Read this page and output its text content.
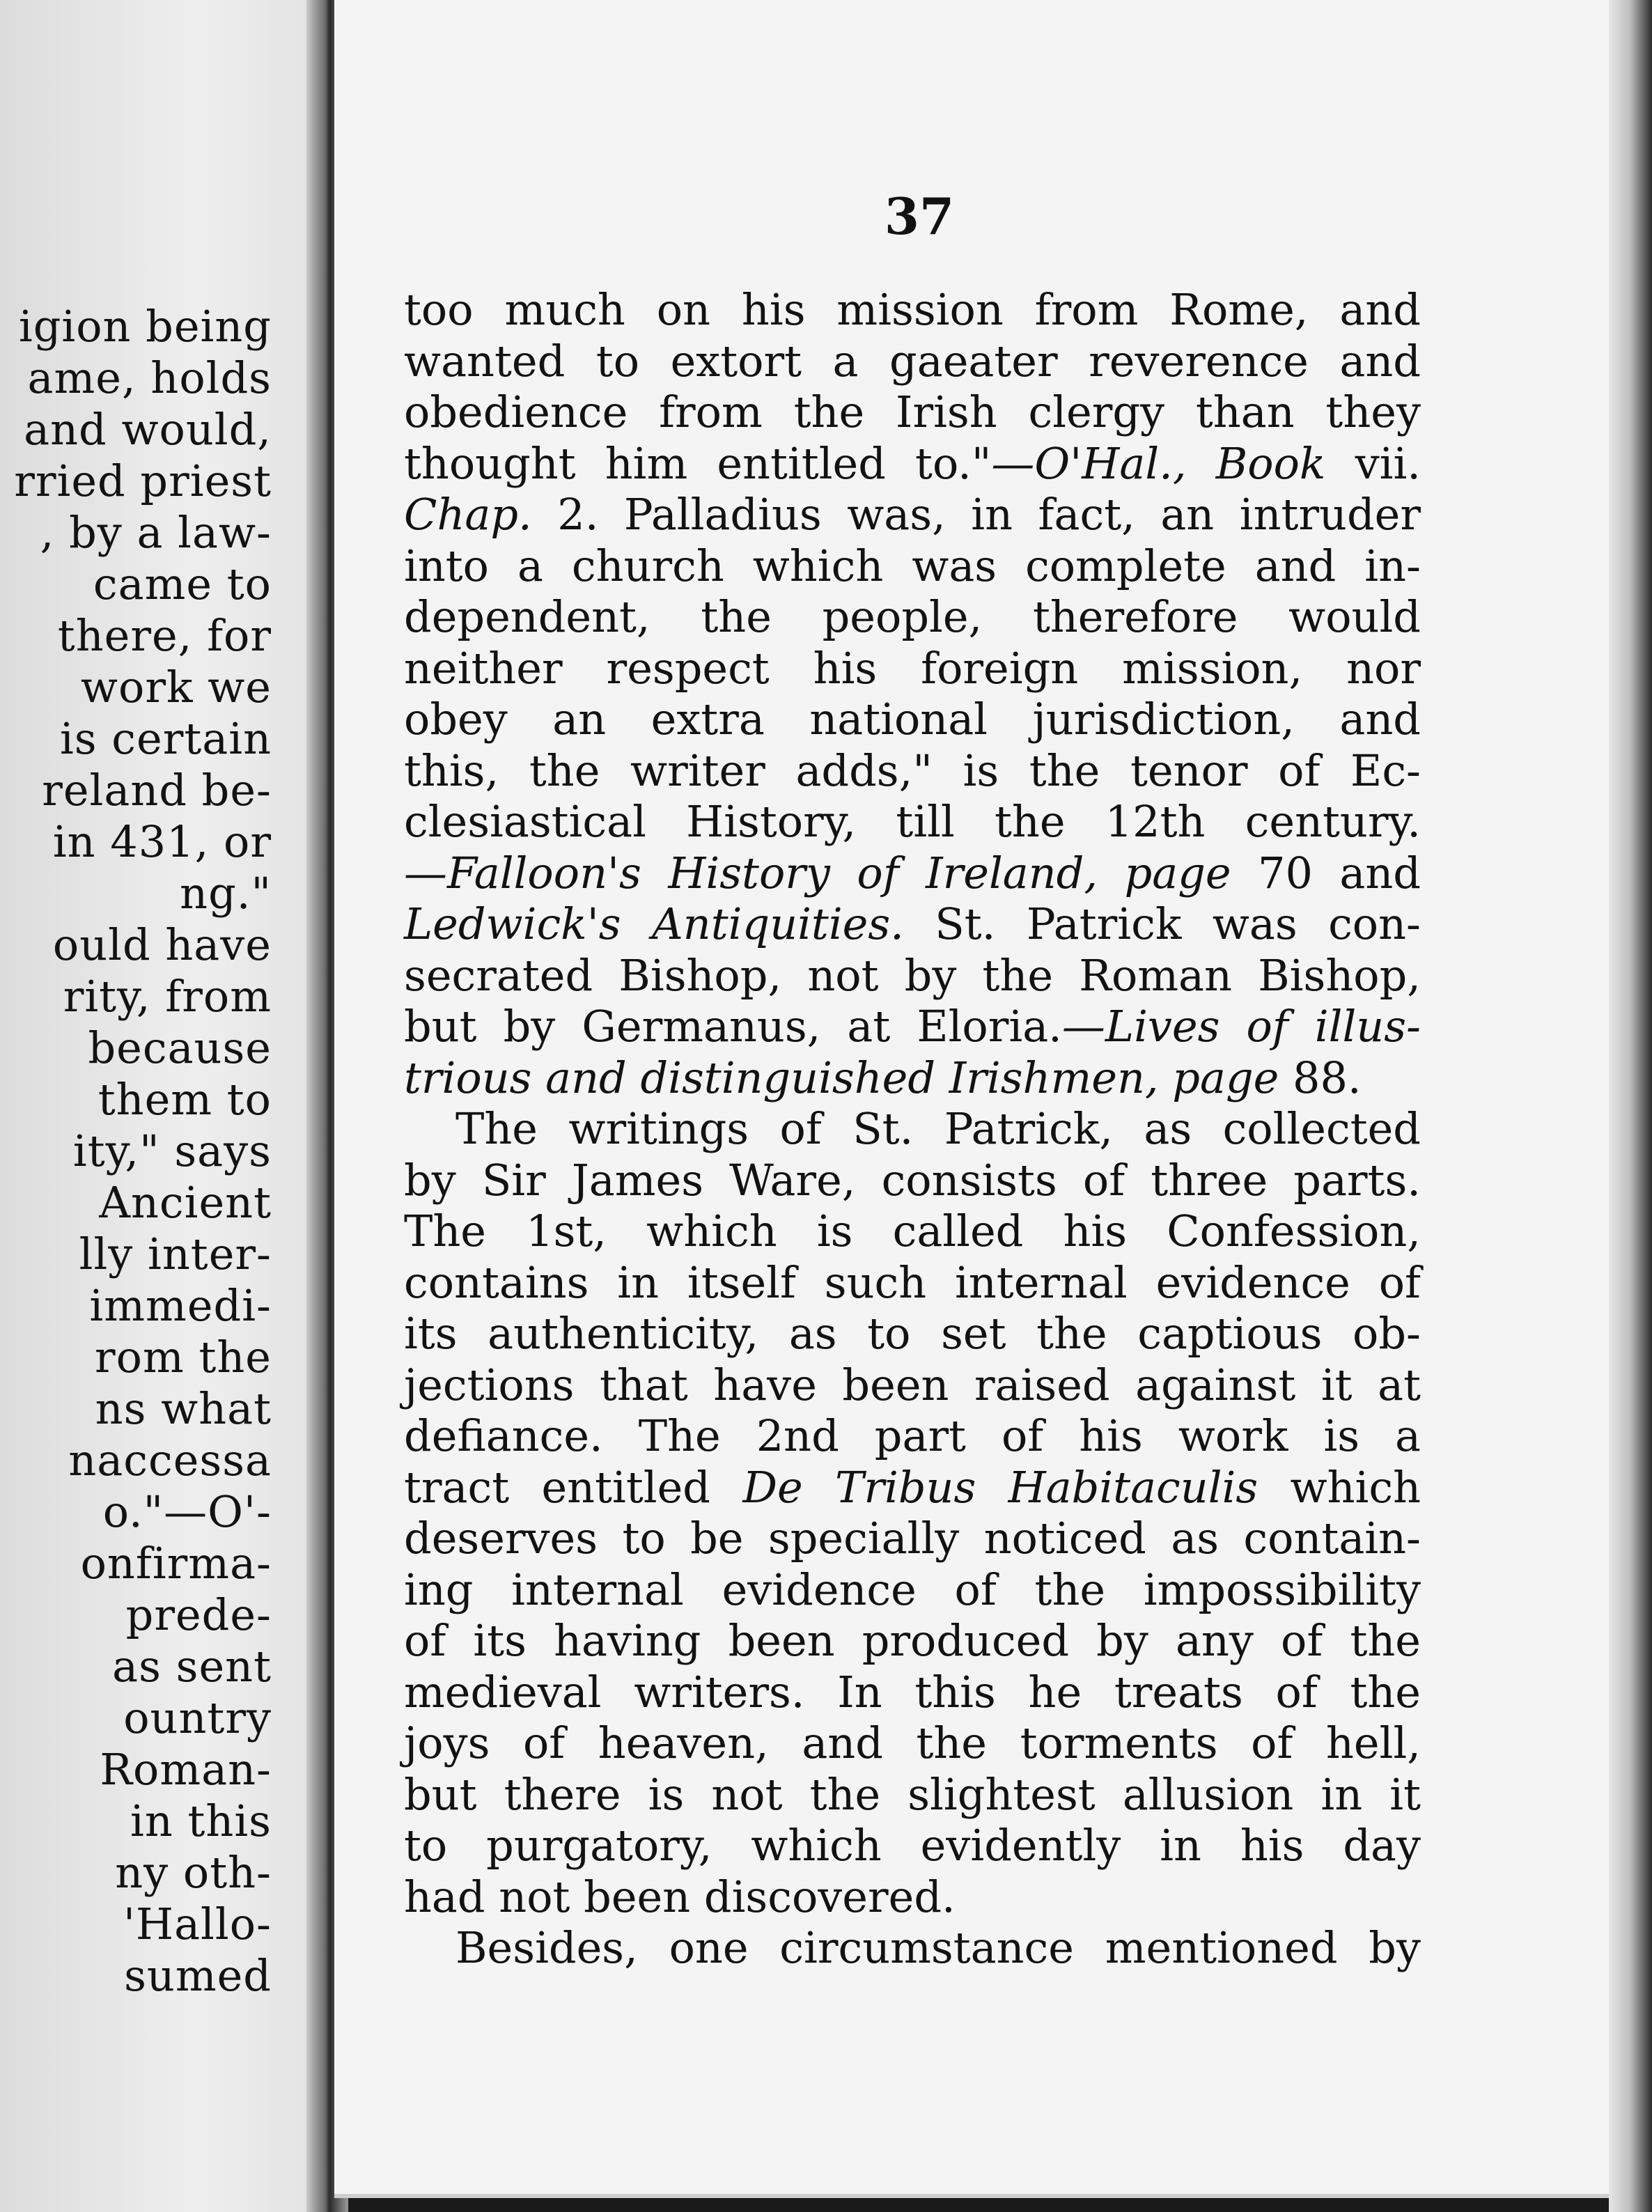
igion being
ame, holds
and would,
rried priest
, by a law-
came to
there, for
work we
is certain
reland be-
in 431, or
ng."
ould have
rity, from
because
them to
ity," says
Ancient
lly inter-
immedi-
rom the
ns what
naccessa
o."—O'-
onfirma-
prede-
as sent
ountry
Roman-
in this
ny oth-
'Hallo-
sumed
37
too much on his mission from Rome, and
wanted to extort a gaeater reverence and
obedience from the Irish clergy than they
thought him entitled to."—O'Hal., Book vii.
Chap. 2. Palladius was, in fact, an intruder
into a church which was complete and in-
dependent, the people, therefore would
neither respect his foreign mission, nor
obey an extra national jurisdiction, and
this, the writer adds," is the tenor of Ec-
clesiastical History, till the 12th century.
—Falloon's History of Ireland, page 70 and
Ledwick's Antiquities. St. Patrick was con-
secrated Bishop, not by the Roman Bishop,
but by Germanus, at Eloria.—Lives of illus-
trious and distinguished Irishmen, page 88.
The writings of St. Patrick, as collected
by Sir James Ware, consists of three parts.
The 1st, which is called his Confession,
contains in itself such internal evidence of
its authenticity, as to set the captious ob-
jections that have been raised against it at
defiance. The 2nd part of his work is a
tract entitled De Tribus Habitaculis which
deserves to be specially noticed as contain-
ing internal evidence of the impossibility
of its having been produced by any of the
medieval writers. In this he treats of the
joys of heaven, and the torments of hell,
but there is not the slightest allusion in it
to purgatory, which evidently in his day
had not been discovered.
Besides, one circumstance mentioned by
